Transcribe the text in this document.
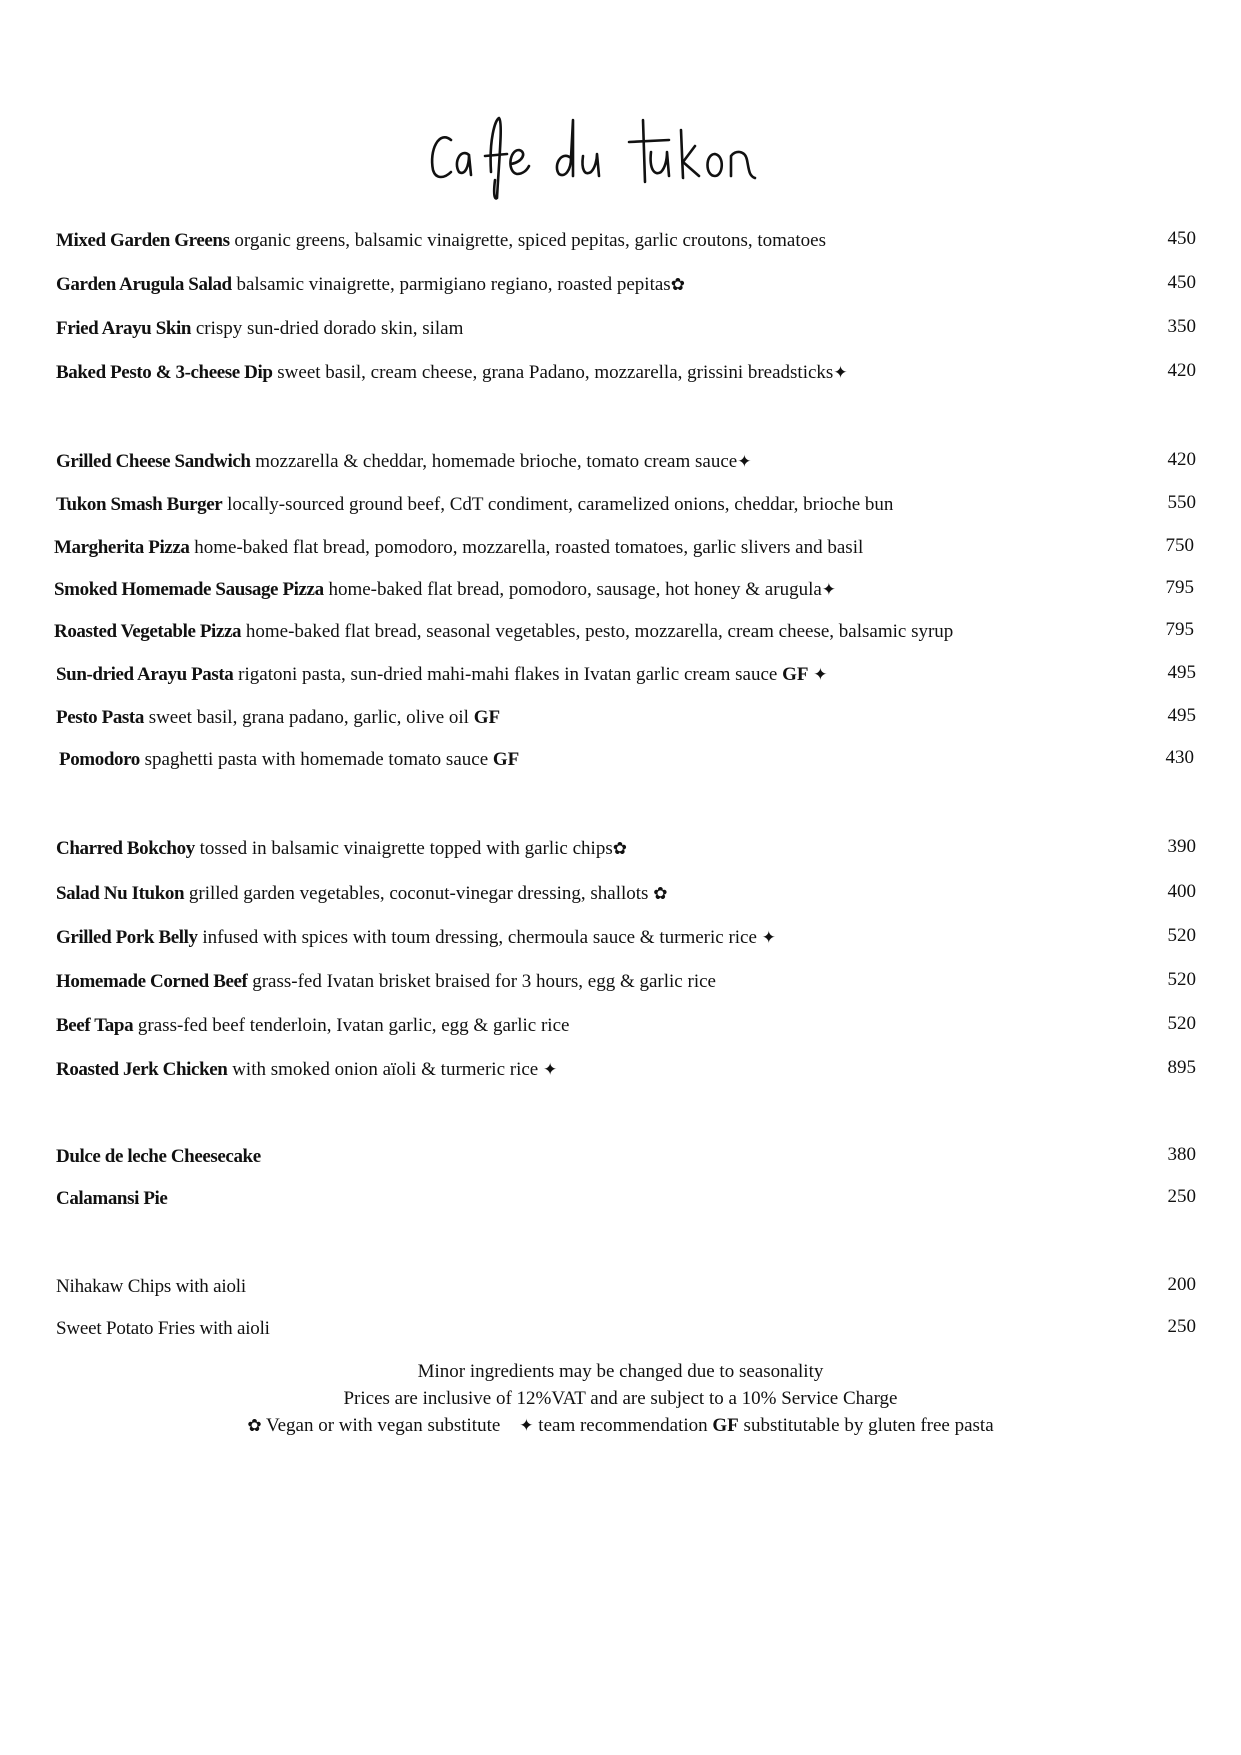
Mixed Garden Greens organic greens, balsamic vinaigrette, spiced pepitas, garlic croutons, tomatoes	450
Garden Arugula Salad balsamic vinaigrette, parmigiano regiano, roasted pepitas✿	450
Fried Arayu Skin crispy sun-dried dorado skin, silam	350
Baked Pesto & 3-cheese Dip sweet basil, cream cheese, grana Padano, mozzarella, grissini breadsticks✦	420
Grilled Cheese Sandwich mozzarella & cheddar, homemade brioche, tomato cream sauce✦	420
Tukon Smash Burger locally-sourced ground beef, CdT condiment, caramelized onions, cheddar, brioche bun	550
Margherita Pizza home-baked flat bread, pomodoro, mozzarella, roasted tomatoes, garlic slivers and basil	750
Smoked Homemade Sausage Pizza home-baked flat bread, pomodoro, sausage, hot honey & arugula✦	795
Roasted Vegetable Pizza home-baked flat bread, seasonal vegetables, pesto, mozzarella, cream cheese, balsamic syrup	795
Sun-dried Arayu Pasta rigatoni pasta, sun-dried mahi-mahi flakes in Ivatan garlic cream sauce GF ✦	495
Pesto Pasta sweet basil, grana padano, garlic, olive oil GF	495
Pomodoro spaghetti pasta with homemade tomato sauce GF	430
Charred Bokchoy tossed in balsamic vinaigrette topped with garlic chips✿	390
Salad Nu Itukon grilled garden vegetables, coconut-vinegar dressing, shallots ✿	400
Grilled Pork Belly infused with spices with toum dressing, chermoula sauce & turmeric rice ✦	520
Homemade Corned Beef grass-fed Ivatan brisket braised for 3 hours, egg & garlic rice	520
Beef Tapa grass-fed beef tenderloin, Ivatan garlic, egg & garlic rice	520
Roasted Jerk Chicken with smoked onion aïoli & turmeric rice ✦	895
Dulce de leche Cheesecake	380
Calamansi Pie	250
Nihakaw Chips with aioli	200
Sweet Potato Fries with aioli	250
Minor ingredients may be changed due to seasonality
Prices are inclusive of 12%VAT and are subject to a 10% Service Charge
✿ Vegan or with vegan substitute ✦ team recommendation GF substitutable by gluten free pasta
